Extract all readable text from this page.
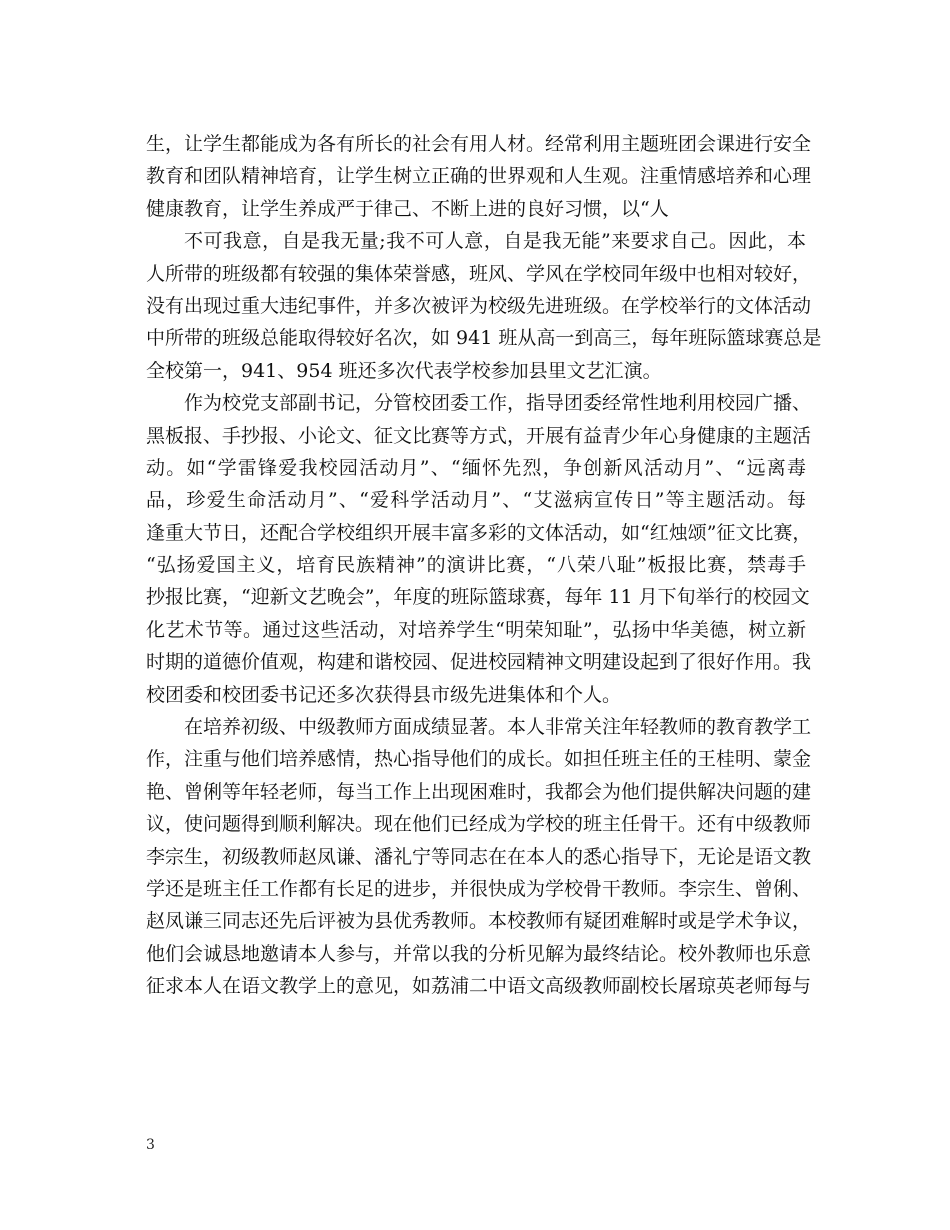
生，让学生都能成为各有所长的社会有用人材。经常利用主题班团会课进行安全
教育和团队精神培育，让学生树立正确的世界观和人生观。注重情感培养和心理
健康教育，让学生养成严于律己、不断上进的良好习惯，以“人
不可我意，自是我无量;我不可人意，自是我无能”来要求自己。因此，本
人所带的班级都有较强的集体荣誉感，班风、学风在学校同年级中也相对较好，
没有出现过重大违纪事件，并多次被评为校级先进班级。在学校举行的文体活动
中所带的班级总能取得较好名次，如 941 班从高一到高三，每年班际篮球赛总是
全校第一，941、954 班还多次代表学校参加县里文艺汇演。
作为校党支部副书记，分管校团委工作，指导团委经常性地利用校园广播、
黑板报、手抄报、小论文、征文比赛等方式，开展有益青少年心身健康的主题活
动。如“学雷锋爱我校园活动月”、“缅怀先烈，争创新风活动月”、“远离毒
品，珍爱生命活动月”、“爱科学活动月”、“艾滋病宣传日”等主题活动。每
逢重大节日，还配合学校组织开展丰富多彩的文体活动，如“红烛颂”征文比赛，
“弘扬爱国主义，培育民族精神”的演讲比赛，“八荣八耻”板报比赛，禁毒手
抄报比赛，“迎新文艺晚会”，年度的班际篮球赛，每年 11 月下旬举行的校园文
化艺术节等。通过这些活动，对培养学生“明荣知耻”，弘扬中华美德，树立新
时期的道德价值观，构建和谐校园、促进校园精神文明建设起到了很好作用。我
校团委和校团委书记还多次获得县市级先进集体和个人。
在培养初级、中级教师方面成绩显著。本人非常关注年轻教师的教育教学工
作，注重与他们培养感情，热心指导他们的成长。如担任班主任的王桂明、蒙金
艳、曾俐等年轻老师，每当工作上出现困难时，我都会为他们提供解决问题的建
议，使问题得到顺利解决。现在他们已经成为学校的班主任骨干。还有中级教师
李宗生，初级教师赵凤谦、潘礼宁等同志在在本人的悉心指导下，无论是语文教
学还是班主任工作都有长足的进步，并很快成为学校骨干教师。李宗生、曾俐、
赵凤谦三同志还先后评被为县优秀教师。本校教师有疑团难解时或是学术争议，
他们会诚恳地邀请本人参与，并常以我的分析见解为最终结论。校外教师也乐意
征求本人在语文教学上的意见，如荔浦二中语文高级教师副校长屠琼英老师每与
3
